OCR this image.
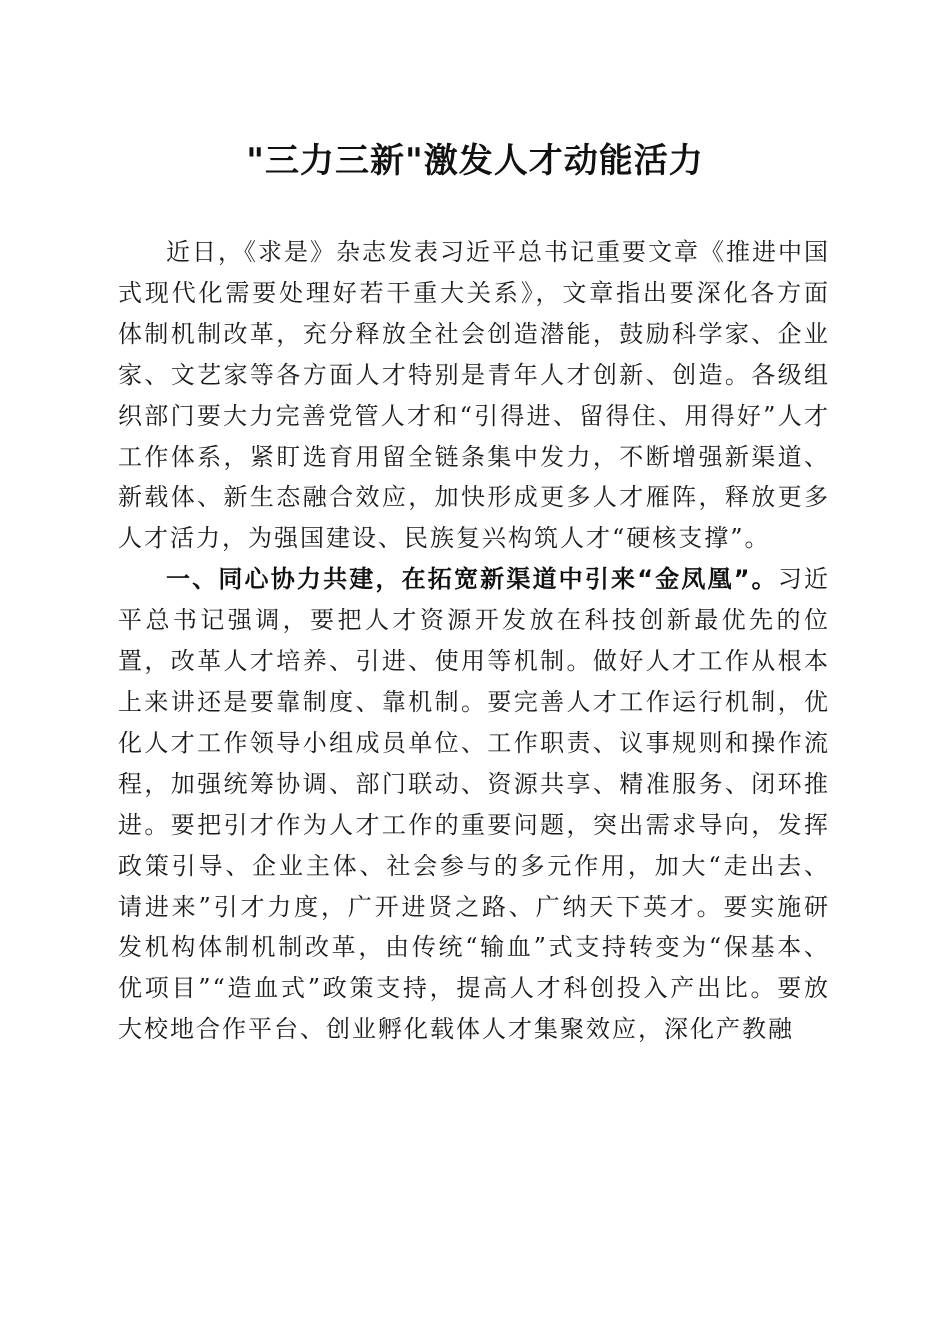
"三力三新"激发人才动能活力

近日，《求是》杂志发表习近平总书记重要文章《推进中国式现代化需要处理好若干重大关系》，文章指出要深化各方面体制机制改革，充分释放全社会创造潜能，鼓励科学家、企业家、文艺家等各方面人才特别是青年人才创新、创造。各级组织部门要大力完善党管人才和“引得进、留得住、用得好”人才工作体系，紧盯选育用留全链条集中发力，不断增强新渠道、新载体、新生态融合效应，加快形成更多人才雁阵，释放更多人才活力，为强国建设、民族复兴构筑人才“硬核支撑”。

一、同心协力共建，在拓宽新渠道中引来“金凤凰”。习近平总书记强调，要把人才资源开发放在科技创新最优先的位置，改革人才培养、引进、使用等机制。做好人才工作从根本上来讲还是要靠制度、靠机制。要完善人才工作运行机制，优化人才工作领导小组成员单位、工作职责、议事规则和操作流程，加强统筹协调、部门联动、资源共享、精准服务、闭环推进。要把引才作为人才工作的重要问题，突出需求导向，发挥政策引导、企业主体、社会参与的多元作用，加大“走出去、请进来”引才力度，广开进贤之路、广纳天下英才。要实施研发机构体制机制改革，由传统“输血”式支持转变为“保基本、优项目”“造血式”政策支持，提高人才科创投入产出比。要放大校地合作平台、创业孵化载体人才集聚效应，深化产教融
